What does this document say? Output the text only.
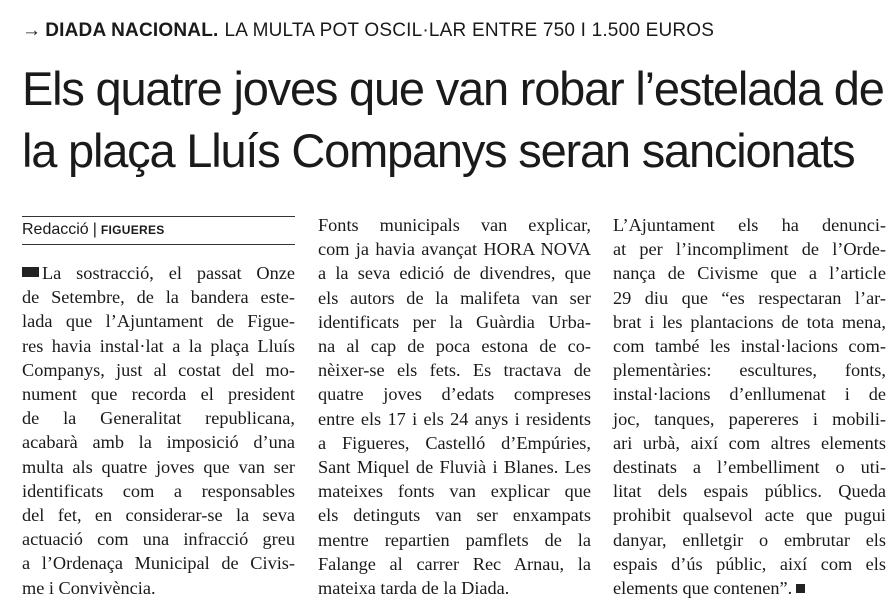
→ DIADA NACIONAL. LA MULTA POT OSCIL·LAR ENTRE 750 I 1.500 EUROS
Els quatre joves que van robar l’estelada de
la plaça Lluís Companys seran sancionats
Redacció | FIGUERES
La sostracció, el passat Onze
de Setembre, de la bandera este-
lada que l’Ajuntament de Figue-
res havia instal·lat a la plaça Lluís
Companys, just al costat del mo-
nument que recorda el president
de la Generalitat republicana,
acabarà amb la imposició d’una
multa als quatre joves que van ser
identificats com a responsables
del fet, en considerar-se la seva
actuació com una infracció greu
a l’Ordenaça Municipal de Civis-
me i Convivència.
Fonts municipals van explicar,
com ja havia avançat HORA NOVA
a la seva edició de divendres, que
els autors de la malifeta van ser
identificats per la Guàrdia Urba-
na al cap de poca estona de co-
nèixer-se els fets. Es tractava de
quatre joves d’edats compreses
entre els 17 i els 24 anys i residents
a Figueres, Castelló d’Empúries,
Sant Miquel de Fluvià i Blanes. Les
mateixes fonts van explicar que
els detinguts van ser enxampats
mentre repartien pamflets de la
Falange al carrer Rec Arnau, la
mateixa tarda de la Diada.
L’Ajuntament els ha denunci-
at per l’incompliment de l’Orde-
nança de Civisme que a l’article
29 diu que “es respectaran l’ar-
brat i les plantacions de tota mena,
com també les instal·lacions com-
plementàries: escultures, fonts,
instal·lacions d’enllumenat i de
joc, tanques, papereres i mobili-
ari urbà, així com altres elements
destinats a l’embelliment o uti-
litat dels espais públics. Queda
prohibit qualsevol acte que pugui
danyar, enlletgir o embrutar els
espais d’ús públic, així com els
elements que contenen”.
